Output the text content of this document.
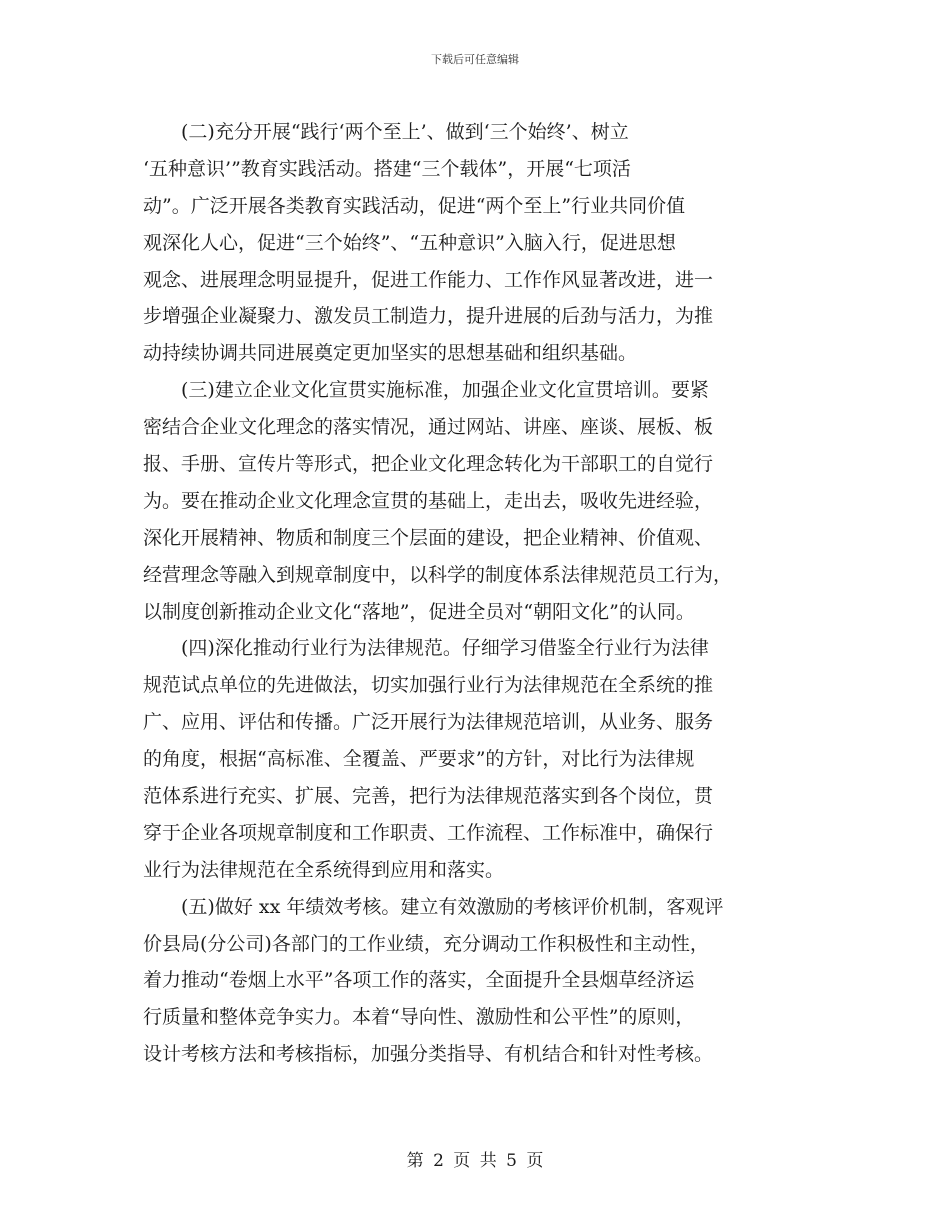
下载后可任意编辑
　　(二)充分开展“践行‘两个至上’、做到‘三个始终’、树立
‘五种意识’”教育实践活动。搭建“三个载体”，开展“七项活
动”。广泛开展各类教育实践活动，促进“两个至上”行业共同价值
观深化人心，促进“三个始终”、“五种意识”入脑入行，促进思想
观念、进展理念明显提升，促进工作能力、工作作风显著改进，进一
步增强企业凝聚力、激发员工制造力，提升进展的后劲与活力，为推
动持续协调共同进展奠定更加坚实的思想基础和组织基础。
　　(三)建立企业文化宣贯实施标准，加强企业文化宣贯培训。要紧
密结合企业文化理念的落实情况，通过网站、讲座、座谈、展板、板
报、手册、宣传片等形式，把企业文化理念转化为干部职工的自觉行
为。要在推动企业文化理念宣贯的基础上，走出去，吸收先进经验，
深化开展精神、物质和制度三个层面的建设，把企业精神、价值观、
经营理念等融入到规章制度中，以科学的制度体系法律规范员工行为，
以制度创新推动企业文化“落地”，促进全员对“朝阳文化”的认同。
　　(四)深化推动行业行为法律规范。仔细学习借鉴全行业行为法律
规范试点单位的先进做法，切实加强行业行为法律规范在全系统的推
广、应用、评估和传播。广泛开展行为法律规范培训，从业务、服务
的角度，根据“高标准、全覆盖、严要求”的方针，对比行为法律规
范体系进行充实、扩展、完善，把行为法律规范落实到各个岗位，贯
穿于企业各项规章制度和工作职责、工作流程、工作标准中，确保行
业行为法律规范在全系统得到应用和落实。
　　(五)做好 xx 年绩效考核。建立有效激励的考核评价机制，客观评
价县局(分公司)各部门的工作业绩，充分调动工作积极性和主动性，
着力推动“卷烟上水平”各项工作的落实，全面提升全县烟草经济运
行质量和整体竞争实力。本着“导向性、激励性和公平性”的原则，
设计考核方法和考核指标，加强分类指导、有机结合和针对性考核。
第 2 页 共 5 页
